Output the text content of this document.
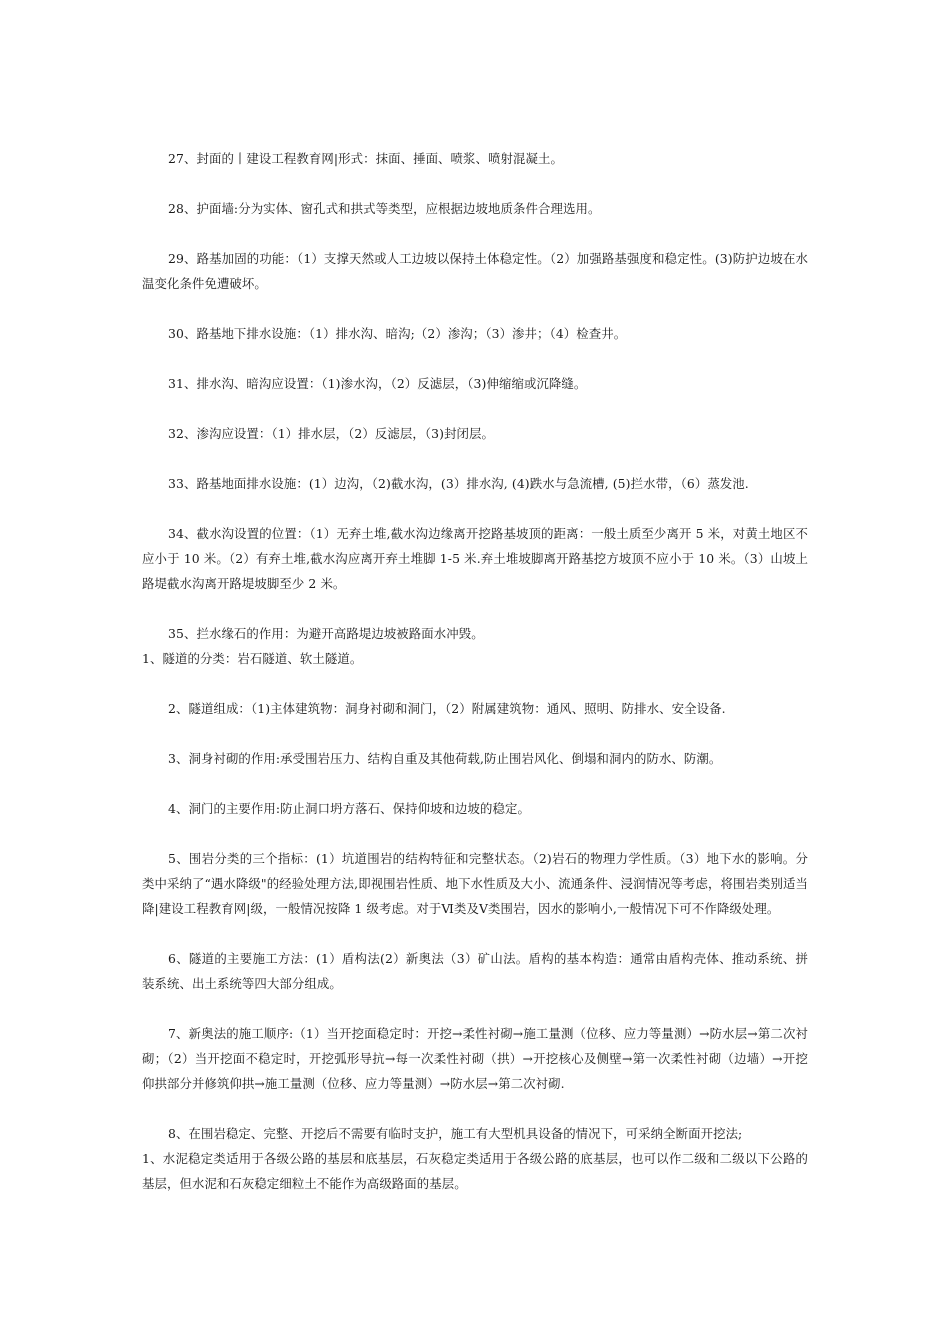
27、封面的丨建设工程教育网|形式：抹面、捶面、喷浆、喷射混凝土。

28、护面墙:分为实体、窗孔式和拱式等类型，应根据边坡地质条件合理选用。

29、路基加固的功能：（1）支撑天然或人工边坡以保持土体稳定性。（2）加强路基强度和稳定性。(3)防护边坡在水温变化条件免遭破坏。

30、路基地下排水设施：（1）排水沟、暗沟;（2）渗沟；（3）渗井；（4）检查井。

31、排水沟、暗沟应设置：（1)渗水沟，（2）反滤层，（3)伸缩缩或沉降缝。

32、渗沟应设置：（1）排水层，（2）反滤层，（3)封闭层。

33、路基地面排水设施：(1）边沟，（2)截水沟，(3）排水沟, (4)跌水与急流槽, (5)拦水带，（6）蒸发池.

34、截水沟设置的位置：（1）无弃土堆,截水沟边缘离开挖路基坡顶的距离：一般土质至少离开 5 米，对黄土地区不应小于 10 米。（2）有弃土堆,截水沟应离开弃土堆脚 1-5 米.弃土堆坡脚离开路基挖方坡顶不应小于 10 米。（3）山坡上路堤截水沟离开路堤坡脚至少 2 米。

35、拦水缘石的作用：为避开高路堤边坡被路面水冲毁。

1、隧道的分类：岩石隧道、软土隧道。

2、隧道组成：（1)主体建筑物：洞身衬砌和洞门，（2）附属建筑物：通风、照明、防排水、安全设备.

3、洞身衬砌的作用:承受围岩压力、结构自重及其他荷载,防止围岩风化、倒塌和洞内的防水、防潮。

4、洞门的主要作用:防止洞口坍方落石、保持仰坡和边坡的稳定。

5、围岩分类的三个指标：(1）坑道围岩的结构特征和完整状态。（2)岩石的物理力学性质。（3）地下水的影响。分类中采纳了“遇水降级"的经验处理方法,即视围岩性质、地下水性质及大小、流通条件、浸润情况等考虑，将围岩类别适当降|建设工程教育网|级，一般情况按降 1 级考虑。对于Ⅵ类及Ⅴ类围岩，因水的影响小,一般情况下可不作降级处理。

6、隧道的主要施工方法：(1）盾构法(2）新奥法（3）矿山法。盾构的基本构造：通常由盾构壳体、推动系统、拼装系统、出土系统等四大部分组成。

7、新奥法的施工顺序:（1）当开挖面稳定时：开挖→柔性衬砌→施工量测（位移、应力等量测）→防水层→第二次衬砌；（2）当开挖面不稳定时，开挖弧形导抗→每一次柔性衬砌（拱）→开挖核心及侧壁→第一次柔性衬砌（边墙）→开挖仰拱部分并修筑仰拱→施工量测（位移、应力等量测）→防水层→第二次衬砌.

8、在围岩稳定、完整、开挖后不需要有临时支护，施工有大型机具设备的情况下，可采纳全断面开挖法;

1、水泥稳定类适用于各级公路的基层和底基层，石灰稳定类适用于各级公路的底基层，也可以作二级和二级以下公路的基层，但水泥和石灰稳定细粒土不能作为高级路面的基层。
